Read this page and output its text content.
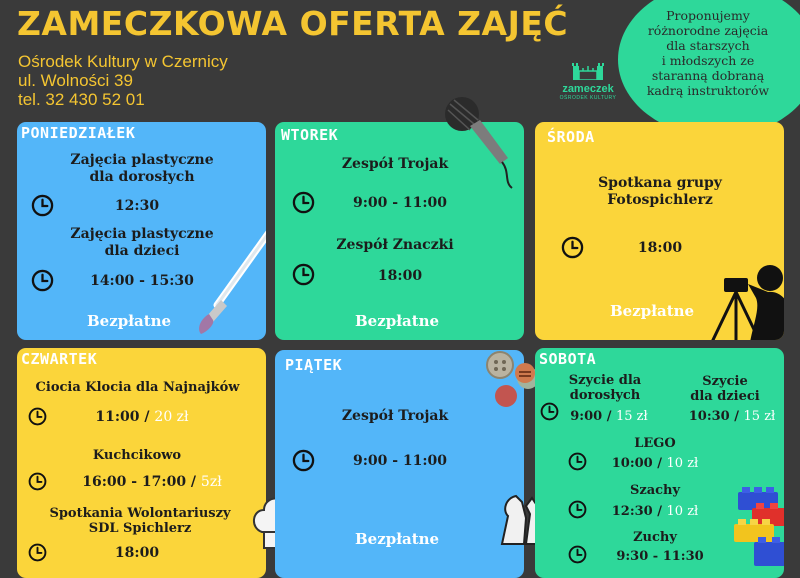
ZAMECZKOWA OFERTA ZAJĘĆ
Ośrodek Kultury w Czernicy
ul. Wolności 39
tel. 32 430 52 01
Proponujemy
różnorodne zajęcia
dla starszych
i młodszych ze
staranną dobraną
kadrą instruktorów
zameczek
OŚRODEK KULTURY
PONIEDZIAŁEK
Zajęcia plastyczne
dla dorosłych
12:30
Zajęcia plastyczne
dla dzieci
14:00 - 15:30
Bezpłatne
WTOREK
Zespół Trojak
9:00 - 11:00
Zespół Znaczki
18:00
Bezpłatne
ŚRODA
Spotkana grupy
Fotospichlerz
18:00
Bezpłatne
CZWARTEK
Ciocia Klocia dla Najnajków
11:00 / 20 zł
Kuchcikowo
16:00 - 17:00 / 5zł
Spotkania Wolontariuszy
SDL Spichlerz
18:00
PIĄTEK
Zespół Trojak
9:00 - 11:00
Bezpłatne
SOBOTA
Szycie dla
dorosłych
Szycie
dla dzieci
9:00 / 15 zł	10:30 / 15 zł
LEGO
10:00 / 10 zł
Szachy
12:30 / 10 zł
Zuchy
9:30 - 11:30
